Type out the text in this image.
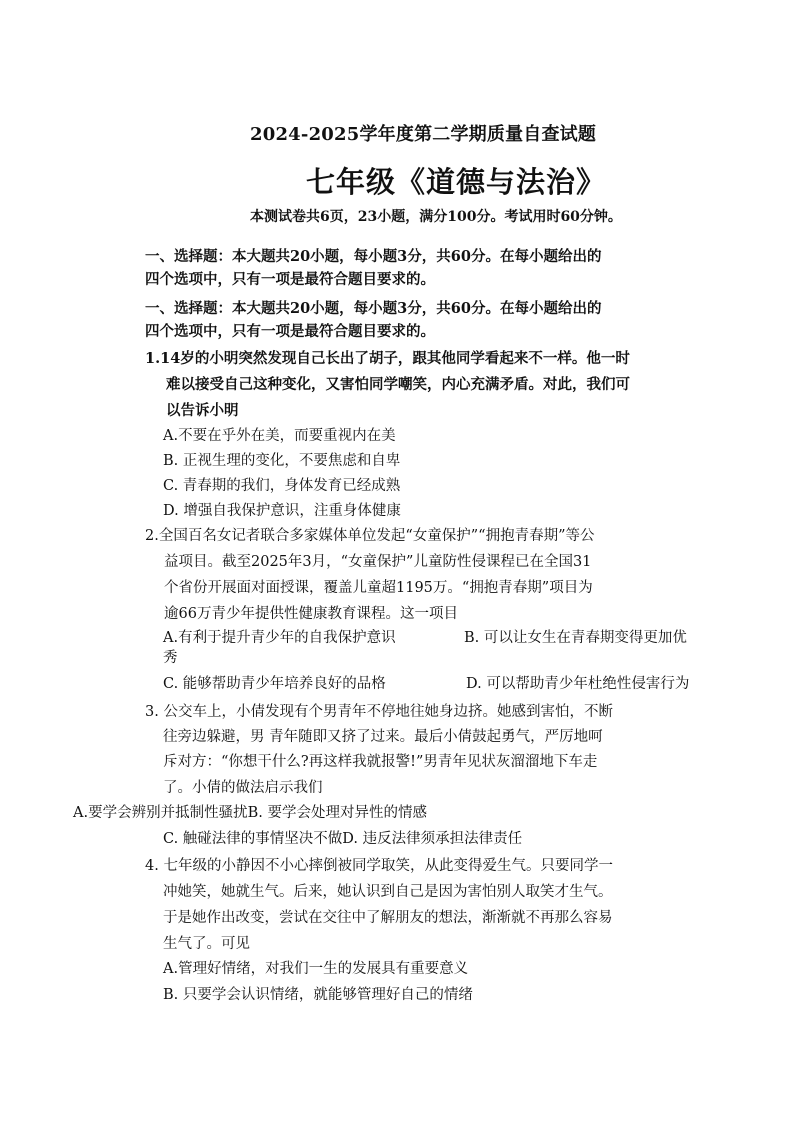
2024-2025学年度第二学期质量自查试题
七年级《道德与法治》
本测试卷共6页，23小题，满分100分。考试用时60分钟。
一、选择题：本大题共20小题，每小题3分，共60分。在每小题给出的
四个选项中，只有一项是最符合题目要求的。
一、选择题：本大题共20小题，每小题3分，共60分。在每小题给出的
四个选项中，只有一项是最符合题目要求的。
1.14岁的小明突然发现自己长出了胡子，跟其他同学看起来不一样。他一时
难以接受自己这种变化，又害怕同学嘲笑，内心充满矛盾。对此，我们可
以告诉小明
A.不要在乎外在美，而要重视内在美
B. 正视生理的变化，不要焦虑和自卑
C. 青春期的我们，身体发育已经成熟
D. 增强自我保护意识，注重身体健康
2.全国百名女记者联合多家媒体单位发起“女童保护”“拥抱青春期”等公
益项目。截至2025年3月，“女童保护”儿童防性侵课程已在全国31
个省份开展面对面授课，覆盖儿童超1195万。“拥抱青春期”项目为
逾66万青少年提供性健康教育课程。这一项目
A.有利于提升青少年的自我保护意识	B. 可以让女生在青春期变得更加优
秀
C. 能够帮助青少年培养良好的品格	D. 可以帮助青少年杜绝性侵害行为
3. 公交车上，小倩发现有个男青年不停地往她身边挤。她感到害怕，不断
往旁边躲避，男 青年随即又挤了过来。最后小倩鼓起勇气，严厉地呵
斥对方：“你想干什么?再这样我就报警!”男青年见状灰溜溜地下车走
了。小倩的做法启示我们
A.要学会辨别并抵制性骚扰B. 要学会处理对异性的情感
C. 触碰法律的事情坚决不做D. 违反法律须承担法律责任
4. 七年级的小静因不小心摔倒被同学取笑，从此变得爱生气。只要同学一
冲她笑，她就生气。后来，她认识到自己是因为害怕别人取笑才生气。
于是她作出改变，尝试在交往中了解朋友的想法，渐渐就不再那么容易
生气了。可见
A.管理好情绪，对我们一生的发展具有重要意义
B. 只要学会认识情绪，就能够管理好自己的情绪
